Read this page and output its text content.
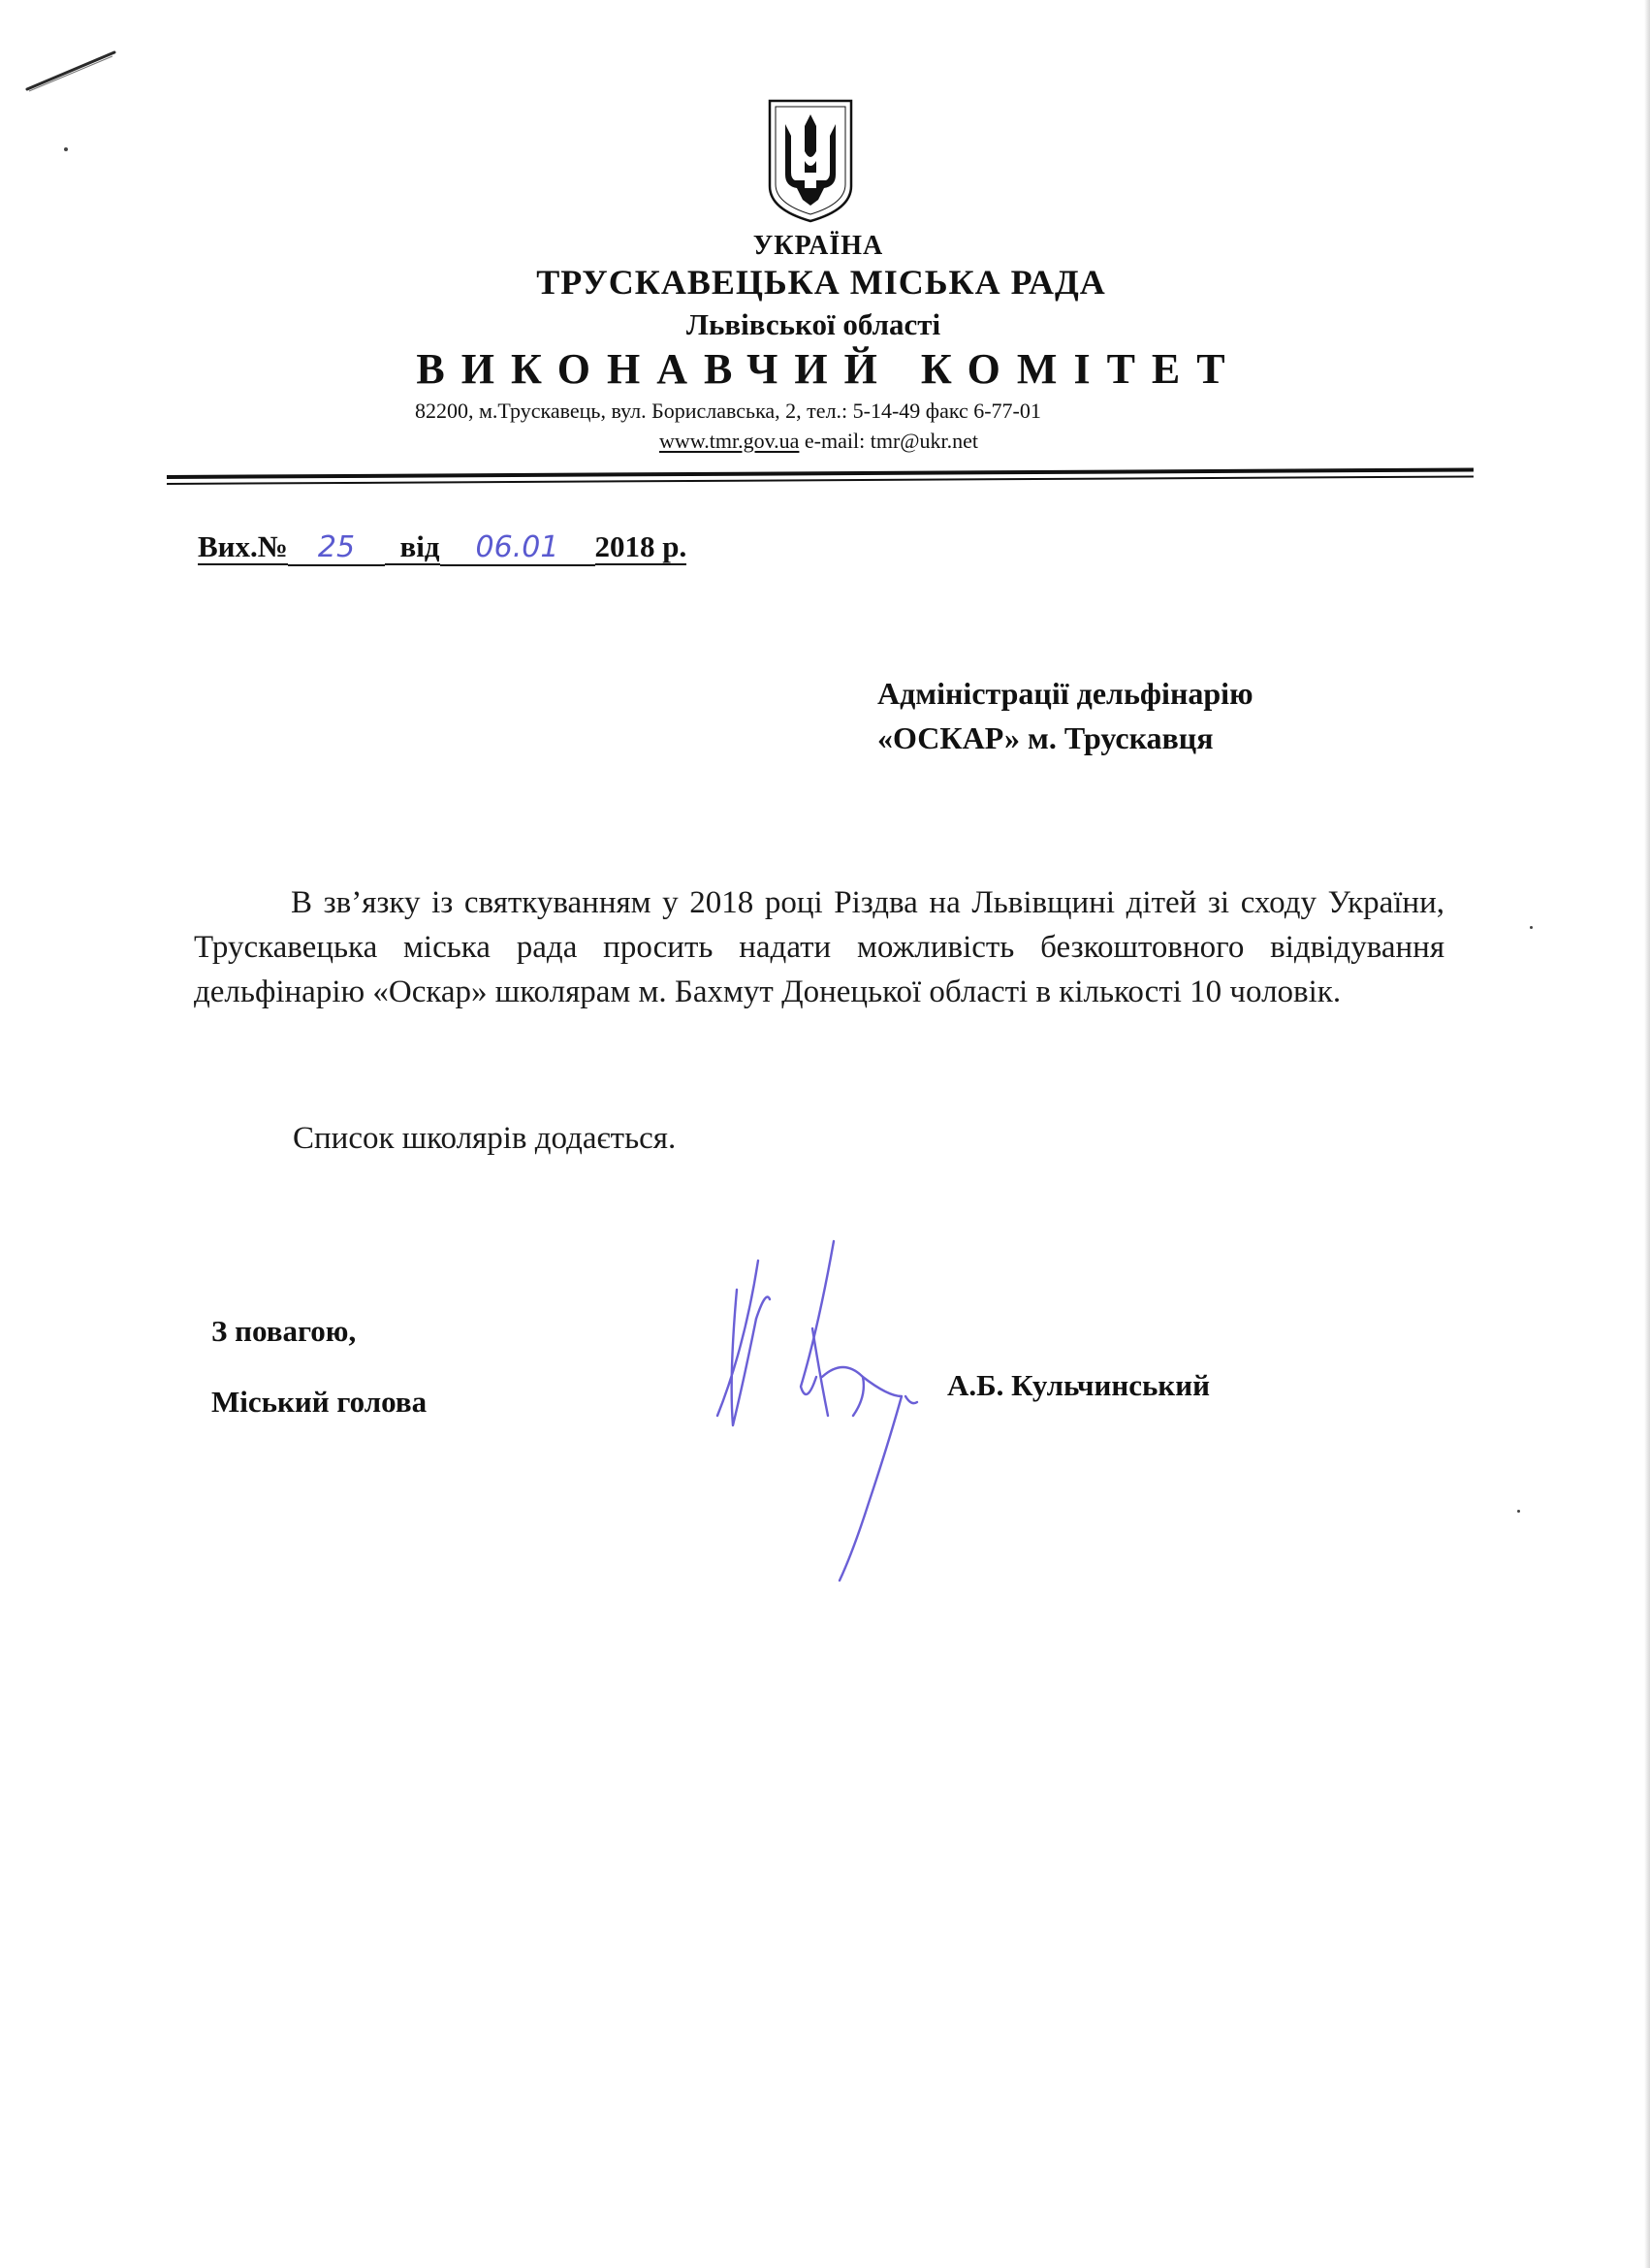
УКРАЇНА
ТРУСКАВЕЦЬКА МІСЬКА РАДА
Львівської області
ВИКОНАВЧИЙ КОМІТЕТ
82200, м.Трускавець, вул. Бориславська, 2, тел.: 5-14-49 факс 6-77-01
www.tmr.gov.ua e-mail: tmr@ukr.net
Вих.№ 25 від 06.01 2018 р.
Адміністрації дельфінарію
«ОСКАР» м. Трускавця
В зв’язку із святкуванням у 2018 році Різдва на Львівщині дітей зі сходу України, Трускавецька міська рада просить надати можливість безкоштовного відвідування дельфінарію «Оскар» школярам м. Бахмут Донецької області в кількості 10 чоловік.
Список школярів додається.
З повагою,
Міський голова	А.Б. Кульчинський
